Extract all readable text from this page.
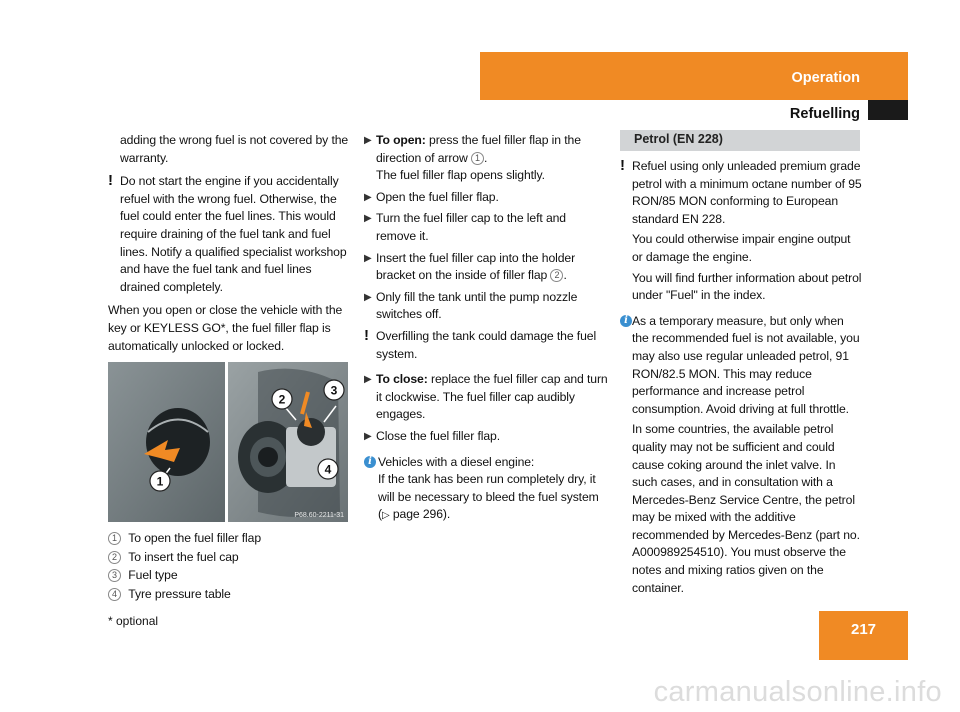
Operation
Refuelling
217
* optional
carmanualsonline.info
adding the wrong fuel is not covered by the warranty.
! Do not start the engine if you accidentally refuel with the wrong fuel. Otherwise, the fuel could enter the fuel lines. This would require draining of the fuel tank and fuel lines. Notify a qualified specialist workshop and have the fuel tank and fuel lines drained completely.
When you open or close the vehicle with the key or KEYLESS GO*, the fuel filler flap is automatically unlocked or locked.
1
2
3
4
P68.60-2211-31
1 To open the fuel filler flap
2 To insert the fuel cap
3 Fuel type
4 Tyre pressure table
▶ To open: press the fuel filler flap in the direction of arrow 1 .
The fuel filler flap opens slightly.
▶ Open the fuel filler flap.
▶ Turn the fuel filler cap to the left and remove it.
▶ Insert the fuel filler cap into the holder bracket on the inside of filler flap 2 .
▶ Only fill the tank until the pump nozzle switches off.
! Overfilling the tank could damage the fuel system.
▶ To close: replace the fuel filler cap and turn it clockwise. The fuel filler cap audibly engages.
▶ Close the fuel filler flap.
i Vehicles with a diesel engine:
If the tank has been run completely dry, it will be necessary to bleed the fuel system (▷ page 296).
Petrol (EN 228)
! Refuel using only unleaded premium grade petrol with a minimum octane number of 95 RON/85 MON conforming to European standard EN 228.
You could otherwise impair engine output or damage the engine.
You will find further information about petrol under "Fuel" in the index.
i As a temporary measure, but only when the recommended fuel is not available, you may also use regular unleaded petrol, 91 RON/82.5 MON. This may reduce performance and increase petrol consumption. Avoid driving at full throttle.
In some countries, the available petrol quality may not be sufficient and could cause coking around the inlet valve. In such cases, and in consultation with a Mercedes-Benz Service Centre, the petrol may be mixed with the additive recommended by Mercedes-Benz (part no. A000989254510). You must observe the notes and mixing ratios given on the container.
